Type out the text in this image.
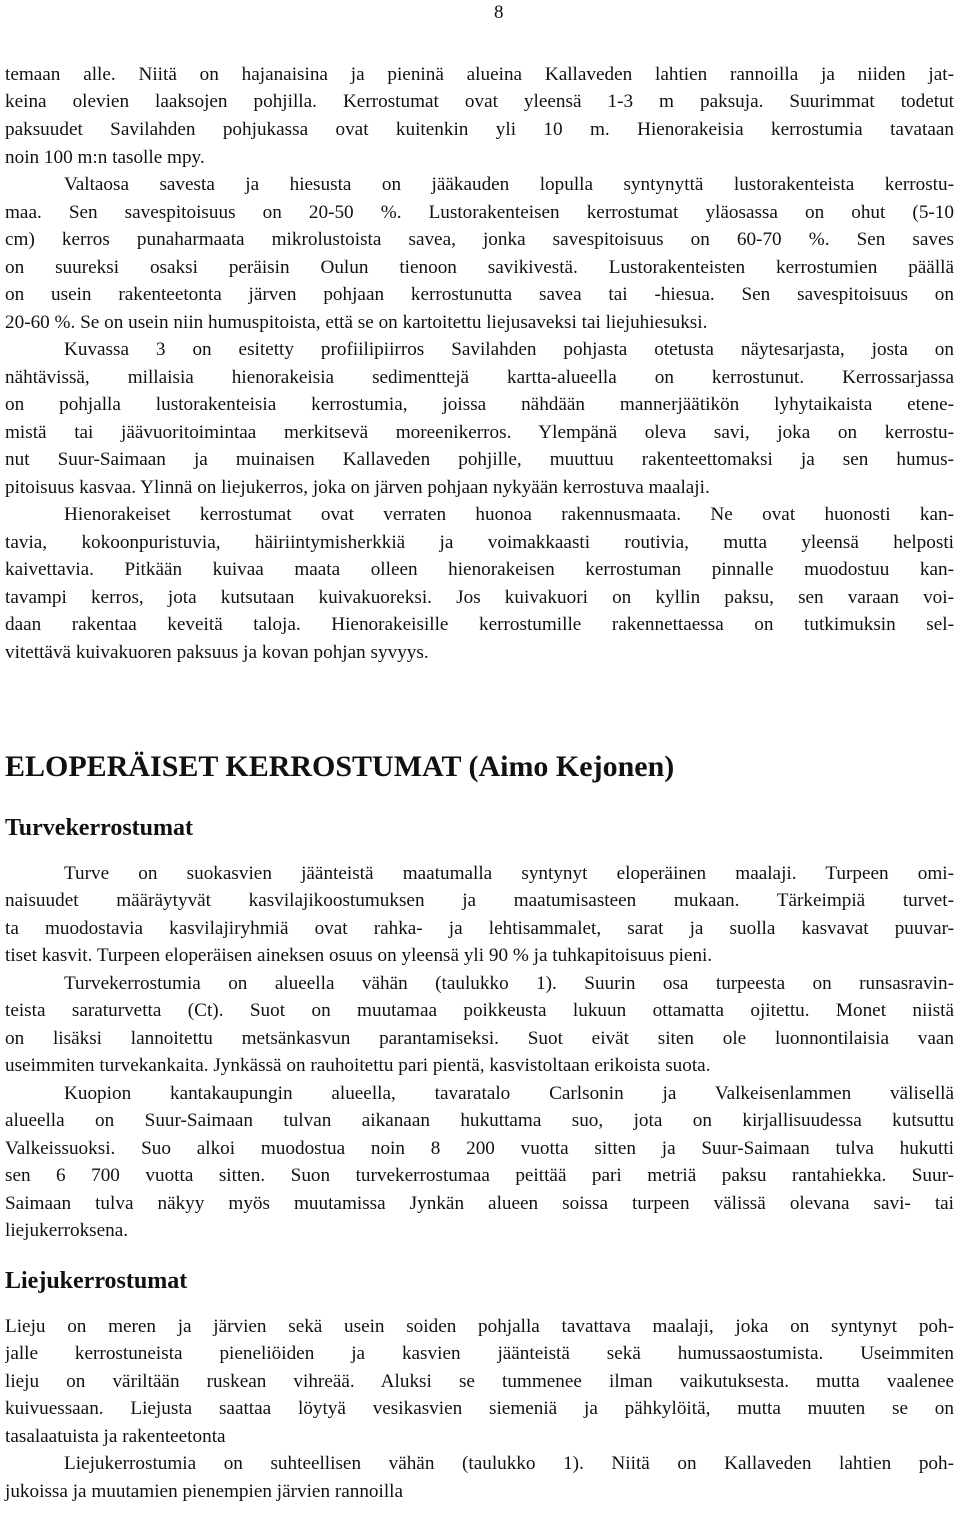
8
temaan alle. Niitä on hajanaisina ja pieninä alueina Kallaveden lahtien rannoilla ja niiden jat-
keina olevien laaksojen pohjilla. Kerrostumat ovat yleensä 1-3 m paksuja. Suurimmat todetut
paksuudet Savilahden pohjukassa ovat kuitenkin yli 10 m. Hienorakeisia kerrostumia tavataan
noin 100 m:n tasolle mpy.
Valtaosa savesta ja hiesusta on jääkauden lopulla syntynyttä lustorakenteista kerrostu-
maa. Sen savespitoisuus on 20-50 %. Lustorakenteisen kerrostumat yläosassa on ohut (5-10
cm) kerros punaharmaata mikrolustoista savea, jonka savespitoisuus on 60-70 %. Sen saves
on suureksi osaksi peräisin Oulun tienoon savikivestä. Lustorakenteisten kerrostumien päällä
on usein rakenteetonta järven pohjaan kerrostunutta savea tai -hiesua. Sen savespitoisuus on
20-60 %. Se on usein niin humuspitoista, että se on kartoitettu liejusaveksi tai liejuhiesuksi.
Kuvassa 3 on esitetty profiilipiirros Savilahden pohjasta otetusta näytesarjasta, josta on
nähtävissä, millaisia hienorakeisia sedimenttejä kartta-alueella on kerrostunut. Kerrossarjassa
on pohjalla lustorakenteisia kerrostumia, joissa nähdään mannerjäätikön lyhytaikaista etene-
mistä tai jäävuoritoimintaa merkitsevä moreenikerros. Ylempänä oleva savi, joka on kerrostu-
nut Suur-Saimaan ja muinaisen Kallaveden pohjille, muuttuu rakenteettomaksi ja sen humus-
pitoisuus kasvaa. Ylinnä on liejukerros, joka on järven pohjaan nykyään kerrostuva maalaji.
Hienorakeiset kerrostumat ovat verraten huonoa rakennusmaata. Ne ovat huonosti kan-
tavia, kokoonpuristuvia, häiriintymisherkkiä ja voimakkaasti routivia, mutta yleensä helposti
kaivettavia. Pitkään kuivaa maata olleen hienorakeisen kerrostuman pinnalle muodostuu kan-
tavampi kerros, jota kutsutaan kuivakuoreksi. Jos kuivakuori on kyllin paksu, sen varaan voi-
daan rakentaa keveitä taloja. Hienorakeisille kerrostumille rakennettaessa on tutkimuksin sel-
vitettävä kuivakuoren paksuus ja kovan pohjan syvyys.
ELOPERÄISET KERROSTUMAT (Aimo Kejonen)
Turvekerrostumat
Turve on suokasvien jäänteistä maatumalla syntynyt eloperäinen maalaji. Turpeen omi-
naisuudet määräytyvät kasvilajikoostumuksen ja maatumisasteen mukaan. Tärkeimpiä turvet-
ta muodostavia kasvilajiryhmiä ovat rahka- ja lehtisammalet, sarat ja suolla kasvavat puuvar-
tiset kasvit. Turpeen eloperäisen aineksen osuus on yleensä yli 90 % ja tuhkapitoisuus pieni.
Turvekerrostumia on alueella vähän (taulukko 1). Suurin osa turpeesta on runsasravin-
teista saraturvetta (Ct). Suot on muutamaa poikkeusta lukuun ottamatta ojitettu. Monet niistä
on lisäksi lannoitettu metsänkasvun parantamiseksi. Suot eivät siten ole luonnontilaisia vaan
useimmiten turvekankaita. Jynkässä on rauhoitettu pari pientä, kasvistoltaan erikoista suota.
Kuopion kantakaupungin alueella, tavaratalo Carlsonin ja Valkeisenlammen välisellä
alueella on Suur-Saimaan tulvan aikanaan hukuttama suo, jota on kirjallisuudessa kutsuttu
Valkeissuoksi. Suo alkoi muodostua noin 8 200 vuotta sitten ja Suur-Saimaan tulva hukutti
sen 6 700 vuotta sitten. Suon turvekerrostumaa peittää pari metriä paksu rantahiekka. Suur-
Saimaan tulva näkyy myös muutamissa Jynkän alueen soissa turpeen välissä olevana savi- tai
liejukerroksena.
Liejukerrostumat
Lieju on meren ja järvien sekä usein soiden pohjalla tavattava maalaji, joka on syntynyt poh-
jalle kerrostuneista pieneliöiden ja kasvien jäänteistä sekä humussaostumista. Useimmiten
lieju on väriltään ruskean vihreää. Aluksi se tummenee ilman vaikutuksesta. mutta vaalenee
kuivuessaan. Liejusta saattaa löytyä vesikasvien siemeniä ja pähkylöitä, mutta muuten se on
tasalaatuista ja rakenteetonta
Liejukerrostumia on suhteellisen vähän (taulukko 1). Niitä on Kallaveden lahtien poh-
jukoissa ja muutamien pienempien järvien rannoilla
